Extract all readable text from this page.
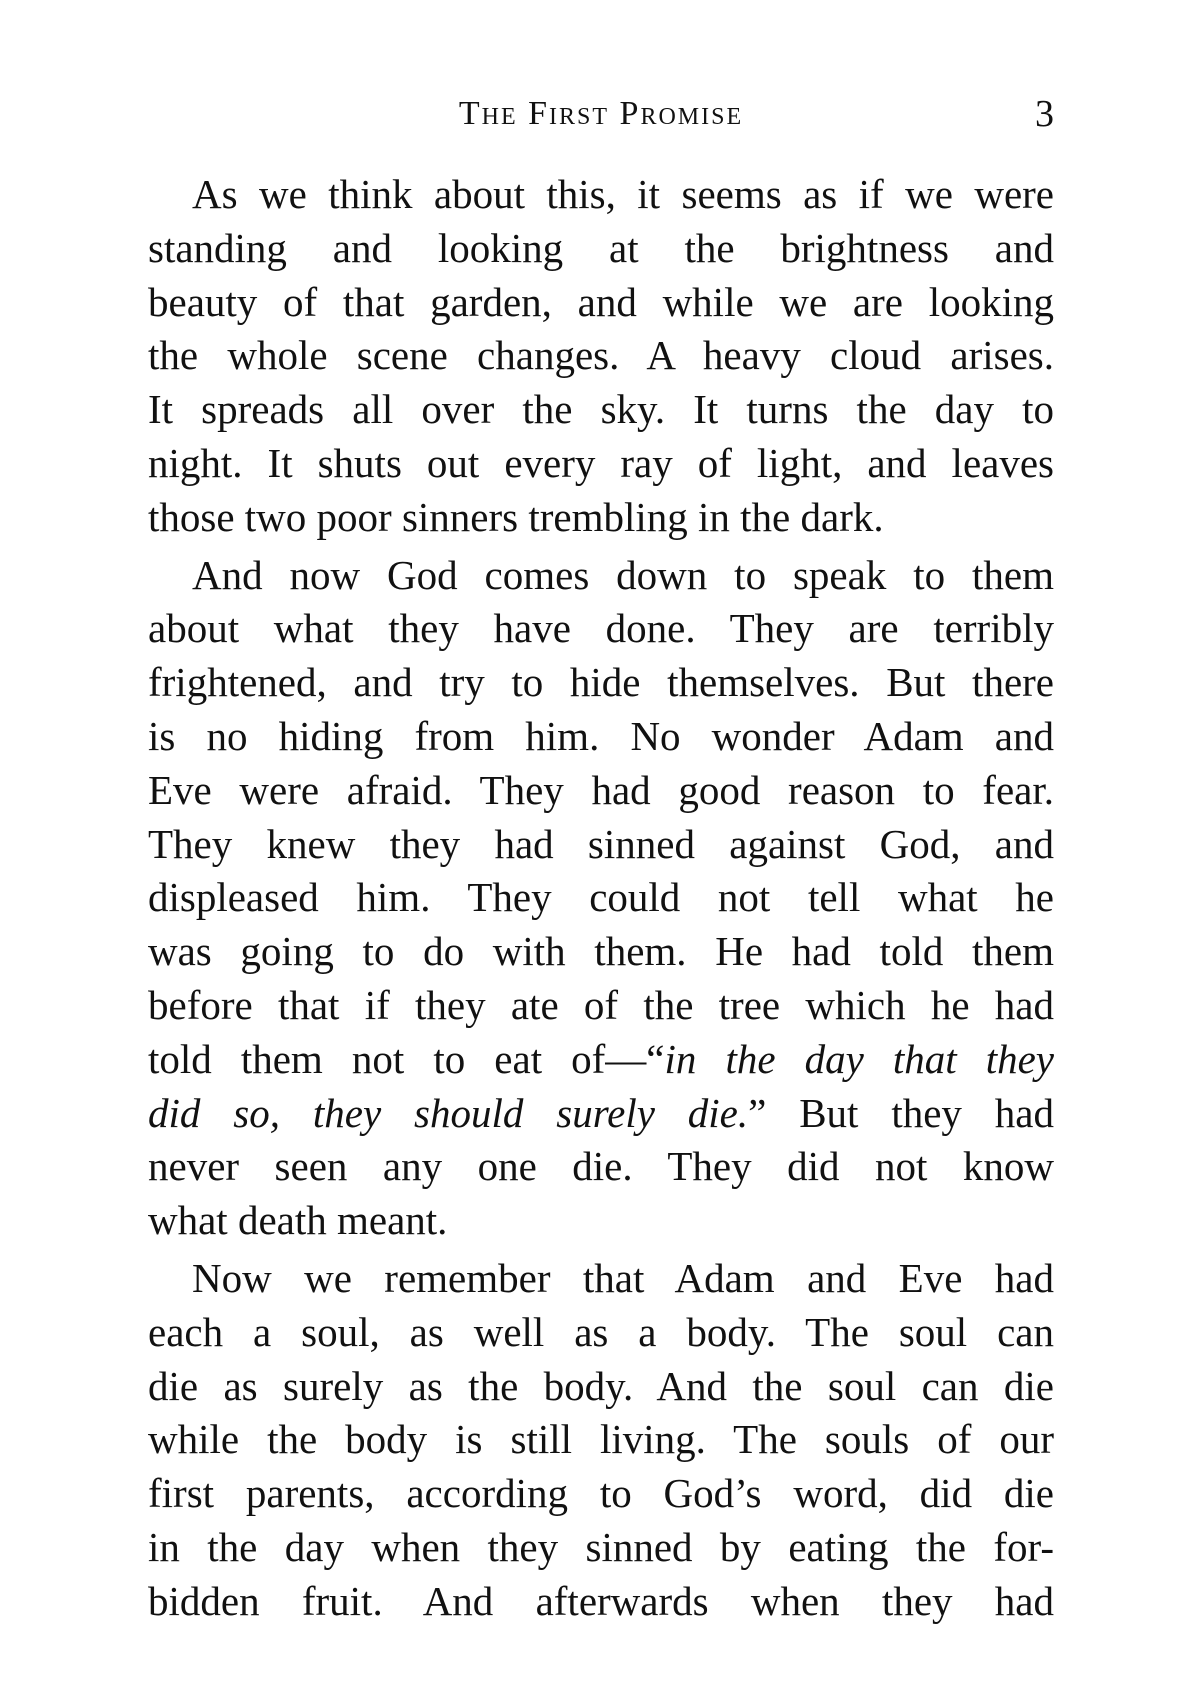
The First Promise	3

As we think about this, it seems as if we were
standing and looking at the brightness and
beauty of that garden, and while we are looking
the whole scene changes. A heavy cloud arises.
It spreads all over the sky. It turns the day to
night. It shuts out every ray of light, and leaves
those two poor sinners trembling in the dark.

And now God comes down to speak to them
about what they have done. They are terribly
frightened, and try to hide themselves. But there
is no hiding from him. No wonder Adam and
Eve were afraid. They had good reason to fear.
They knew they had sinned against God, and
displeased him. They could not tell what he
was going to do with them. He had told them
before that if they ate of the tree which he had
told them not to eat of—“in the day that they
did so, they should surely die.” But they had
never seen any one die. They did not know
what death meant.

Now we remember that Adam and Eve had
each a soul, as well as a body. The soul can
die as surely as the body. And the soul can die
while the body is still living. The souls of our
first parents, according to God’s word, did die
in the day when they sinned by eating the for-
bidden fruit. And afterwards when they had
